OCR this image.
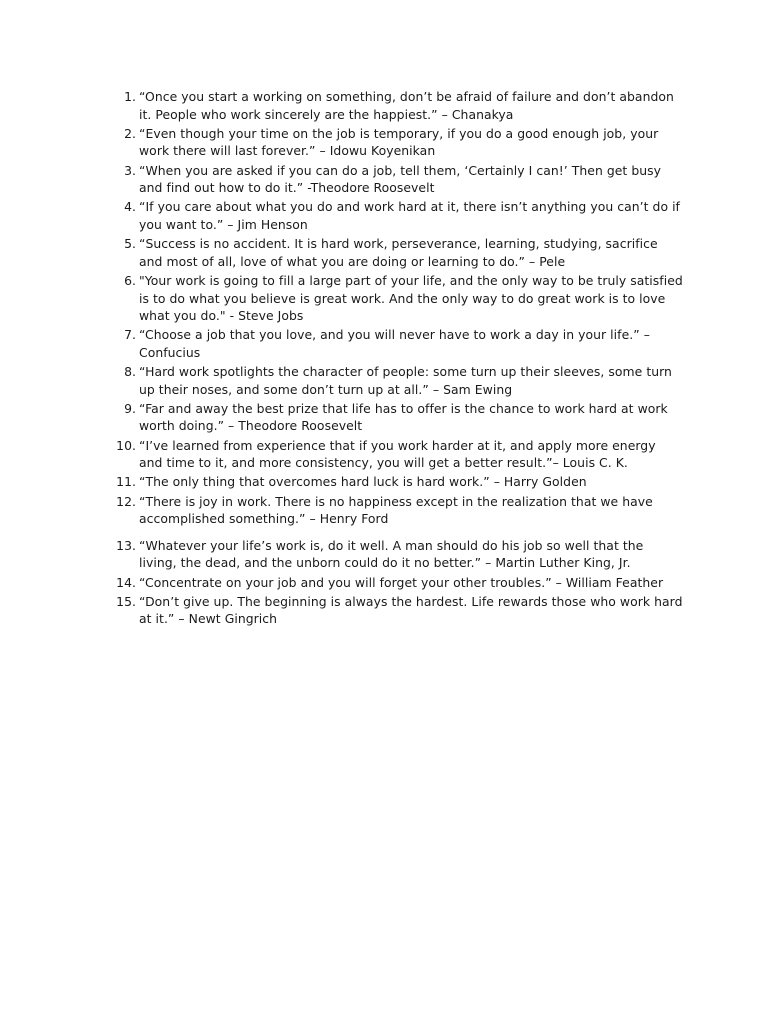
1. “Once you start a working on something, don’t be afraid of failure and don’t abandon it. People who work sincerely are the happiest.” – Chanakya
2. “Even though your time on the job is temporary, if you do a good enough job, your work there will last forever.” – Idowu Koyenikan
3. “When you are asked if you can do a job, tell them, ‘Certainly I can!’ Then get busy and find out how to do it.” -Theodore Roosevelt
4. “If you care about what you do and work hard at it, there isn’t anything you can’t do if you want to.” – Jim Henson
5. “Success is no accident. It is hard work, perseverance, learning, studying, sacrifice and most of all, love of what you are doing or learning to do.” – Pele
6. "Your work is going to fill a large part of your life, and the only way to be truly satisfied is to do what you believe is great work. And the only way to do great work is to love what you do." - Steve Jobs
7. “Choose a job that you love, and you will never have to work a day in your life.” – Confucius
8. “Hard work spotlights the character of people: some turn up their sleeves, some turn up their noses, and some don’t turn up at all.” – Sam Ewing
9. “Far and away the best prize that life has to offer is the chance to work hard at work worth doing.” – Theodore Roosevelt
10. “I’ve learned from experience that if you work harder at it, and apply more energy and time to it, and more consistency, you will get a better result.”– Louis C. K.
11. “The only thing that overcomes hard luck is hard work.” – Harry Golden
12. “There is joy in work. There is no happiness except in the realization that we have accomplished something.” – Henry Ford
13. “Whatever your life’s work is, do it well. A man should do his job so well that the living, the dead, and the unborn could do it no better.” – Martin Luther King, Jr.
14. “Concentrate on your job and you will forget your other troubles.” – William Feather
15. “Don’t give up. The beginning is always the hardest. Life rewards those who work hard at it.” – Newt Gingrich
